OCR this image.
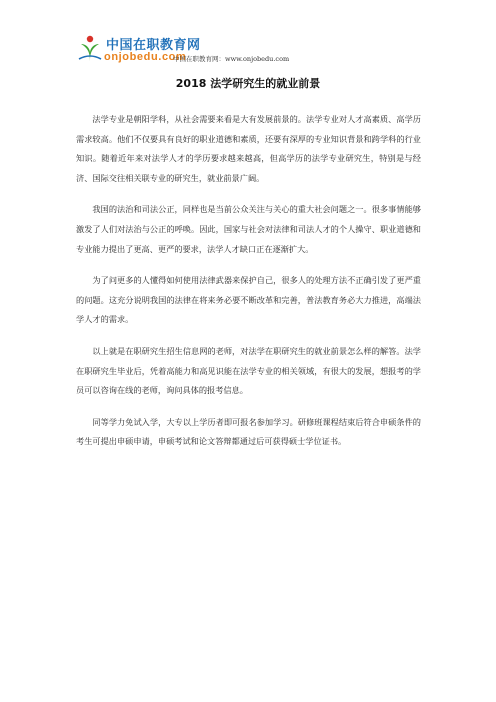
中国在职教育网
onjobedu.com
中国在职教育网：www.onjobedu.com
2018 法学研究生的就业前景

法学专业是朝阳学科，从社会需要来看是大有发展前景的。法学专业对人才高素质、高学历需求较高。他们不仅要具有良好的职业道德和素质，还要有深厚的专业知识背景和跨学科的行业知识。随着近年来对法学人才的学历要求越来越高，但高学历的法学专业研究生，特别是与经济、国际交往相关联专业的研究生，就业前景广阔。

我国的法治和司法公正，同样也是当前公众关注与关心的重大社会问题之一。很多事情能够激发了人们对法治与公正的呼唤。因此，国家与社会对法律和司法人才的个人操守、职业道德和专业能力提出了更高、更严的要求，法学人才缺口正在逐渐扩大。

为了问更多的人懂得如何使用法律武器来保护自己，很多人的处理方法不正确引发了更严重的问题。这充分说明我国的法律在将来务必要不断改革和完善，普法教育务必大力推进，高端法学人才的需求。

以上就是在职研究生招生信息网的老师，对法学在职研究生的就业前景怎么样的解答。法学在职研究生毕业后，凭着高能力和高见识能在法学专业的相关领域，有很大的发展，想报考的学员可以咨询在线的老师，询问具体的报考信息。

同等学力免试入学，大专以上学历者即可报名参加学习。研修班课程结束后符合申硕条件的考生可提出申硕申请，申硕考试和论文答辩都通过后可获得硕士学位证书。
